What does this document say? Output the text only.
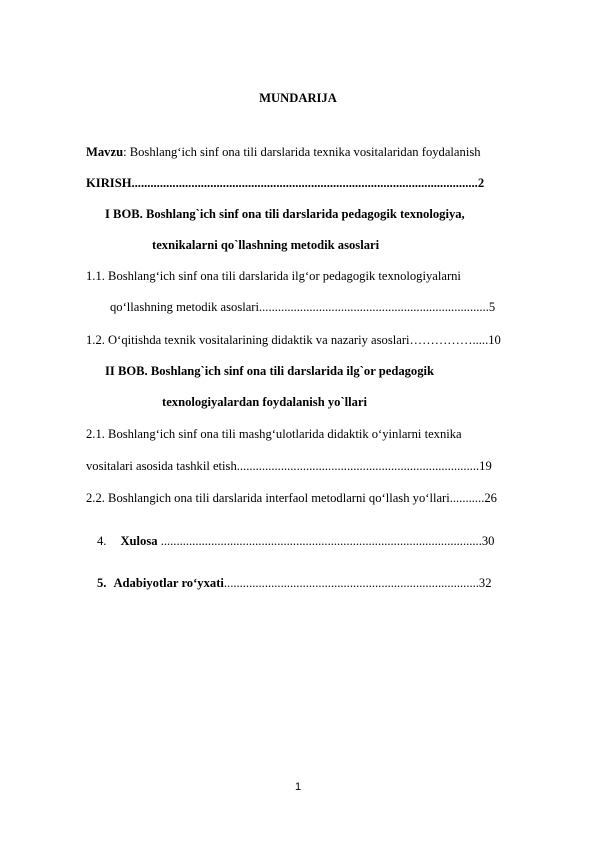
MUNDARIJA
Mavzu: Boshlang‘ich sinf ona tili darslarida texnika vositalaridan foydalanish
KIRISH..............................................................................................................2
I BOB. Boshlang`ich sinf ona tili darslarida pedagogik texnologiya,
texnikalarni qo`llashning metodik asoslari
1.1. Boshlang‘ich sinf ona tili darslarida ilg‘or pedagogik texnologiyalarni
qo‘llashning metodik asoslari.........................................................................5
1.2. O‘qitishda texnik vositalarining didaktik va nazariy asoslari…………….....10
II BOB. Boshlang`ich sinf ona tili darslarida ilg`or pedagogik
texnologiyalardan foydalanish yo`llari
2.1. Boshlang‘ich sinf ona tili mashg‘ulotlarida didaktik o‘yinlarni texnika
vositalari asosida tashkil etish.............................................................................19
2.2. Boshlangich ona tili darslarida interfaol metodlarni qo‘llash yo‘llari...........26
4. Xulosa ......................................................................................................30
5. Adabiyotlar ro‘yxati.................................................................................32
1
